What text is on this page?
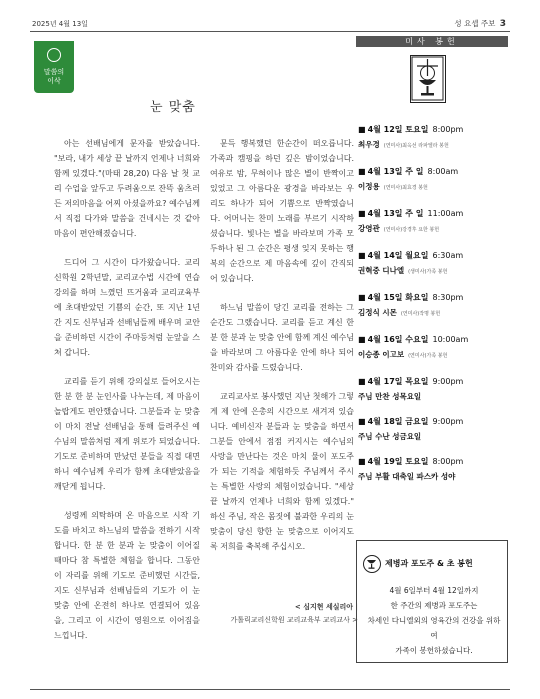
2025년 4월 13일	성 요셉 주보 3
말씀의
이삭
눈 맞춤

아는 선배님에게 문자를 받았습니다. "보라, 내가 세상 끝 날까지 언제나 너희와 함께 있겠다."(마태 28,20) 다음 날 첫 교리 수업을 앞두고 두려움으로 잔뜩 움츠러든 저의마음을 어찌 아셨을까요? 예수님께서 직접 다가와 말씀을 건네시는 것 같아 마음이 편안해졌습니다.

드디어 그 시간이 다가왔습니다. 교리신학원 2학년말, 교리교수법 시간에 연습 강의를 하며 느꼈던 뜨거움과 교리교육부에 초대받았던 기쁨의 순간, 또 지난 1년간 지도 신부님과 선배님들께 배우며 교안을 준비하던 시간이 주마등처럼 눈앞을 스쳐 갑니다.

교리를 듣기 위해 강의실로 들어오시는 한 분 한 분 눈인사를 나누는데, 제 마음이 놀랍게도 편안했습니다. 그분들과 눈 맞춤이 마치 전날 선배님을 통해 들려주신 예수님의 말씀처럼 제게 위로가 되었습니다. 기도로 준비하며 만났던 분들을 직접 대면하니 예수님께 우리가 함께 초대받았음을 깨닫게 됩니다.

성령께 의탁하며 온 마음으로 시작 기도를 바치고 하느님의 말씀을 전하기 시작합니다. 한 분 한 분과 눈 맞춤이 이어질 때마다 참 특별한 체험을 합니다. 그동안 이 자리를 위해 기도로 준비했던 시간들, 지도 신부님과 선배님들의 기도가 이 눈 맞춤 안에 온전히 하나로 연결되어 있음을, 그리고 이 시간이 영원으로 이어짐을 느낍니다.

문득 행복했던 한순간이 떠오릅니다. 가족과 캠핑을 하던 깊은 밤이었습니다. 여유로 밤, 무혀이나 많은 별이 반짝이고 있었고 그 아름다운 광경을 바라보는 우리도 하나가 되어 기쁨으로 반짝였습니다. 어머니는 찬미 노래를 부르기 시작하셨습니다. 빛나는 별을 바라보며 가족 모두하나 된 그 순간은 평생 잊지 못하는 행복의 순간으로 제 마음속에 깊이 간직되어 있습니다.

하느님 말씀이 당긴 교리를 전하는 그 순간도 그랬습니다. 교리를 듣고 계신 한 분 한 분과 눈 맞춤 안에 함께 계신 예수님을 바라보며 그 아름다운 안에 하나 되어 찬미와 감사를 드렸습니다.

교리교사로 봉사했던 지난 첫해가 그렇게 제 안에 은총의 시간으로 새겨져 있습니다. 예비신자 분들과 눈 맞춤을 하면서 그분들 안에서 점점 커지시는 예수님의 사랑을 만난다는 것은 마치 물이 포도주가 되는 기적을 체험하듯 주님께서 주시는 특별한 사랑의 체험이었습니다. "세상 끝 날까지 언제나 너희와 함께 있겠다." 하신 주님, 작은 몸짓에 불과한 우리의 눈 맞춤이 당신 향한 눈 맞춤으로 이어지도록 저희를 축복해 주십시오.

< 심지현 세실리아 |
가톨릭교리신학원 교리교육부 교리교사 >
미사 봉헌
■ 4월 12일 토요일 8:00pm
최우경 (연미사)최옥선 라파엘라 봉헌
■ 4월 13일 주 일 8:00am
이정용 (연미사)최효경 봉헌
■ 4월 13일 주 일 11:00am
강영관 (연미사)강경후 요한 봉헌
■ 4월 14일 월요일 6:30am
권혁중 디나엘 (생미사)가족 봉헌
■ 4월 15일 화요일 8:30pm
김정식 시몬 (연미사)작명 봉헌
■ 4월 16일 수요일 10:00am
이승종 이고보 (연미사)가족 봉헌
■ 4월 17일 목요일 9:00pm
주님 만찬 성목요일
■ 4월 18일 금요일 9:00pm
주님 수난 성금요일
■ 4월 19일 토요일 8:00pm
주님 부활 대축일 파스카 성야
제병과 포도주 & 초 봉헌
4월 6일부터 4월 12일까지
한 주간의 제병과 포도주는
차세인 다니엘외의 영육간의 건강을 위하여
가족이 봉헌하셨습니다.
